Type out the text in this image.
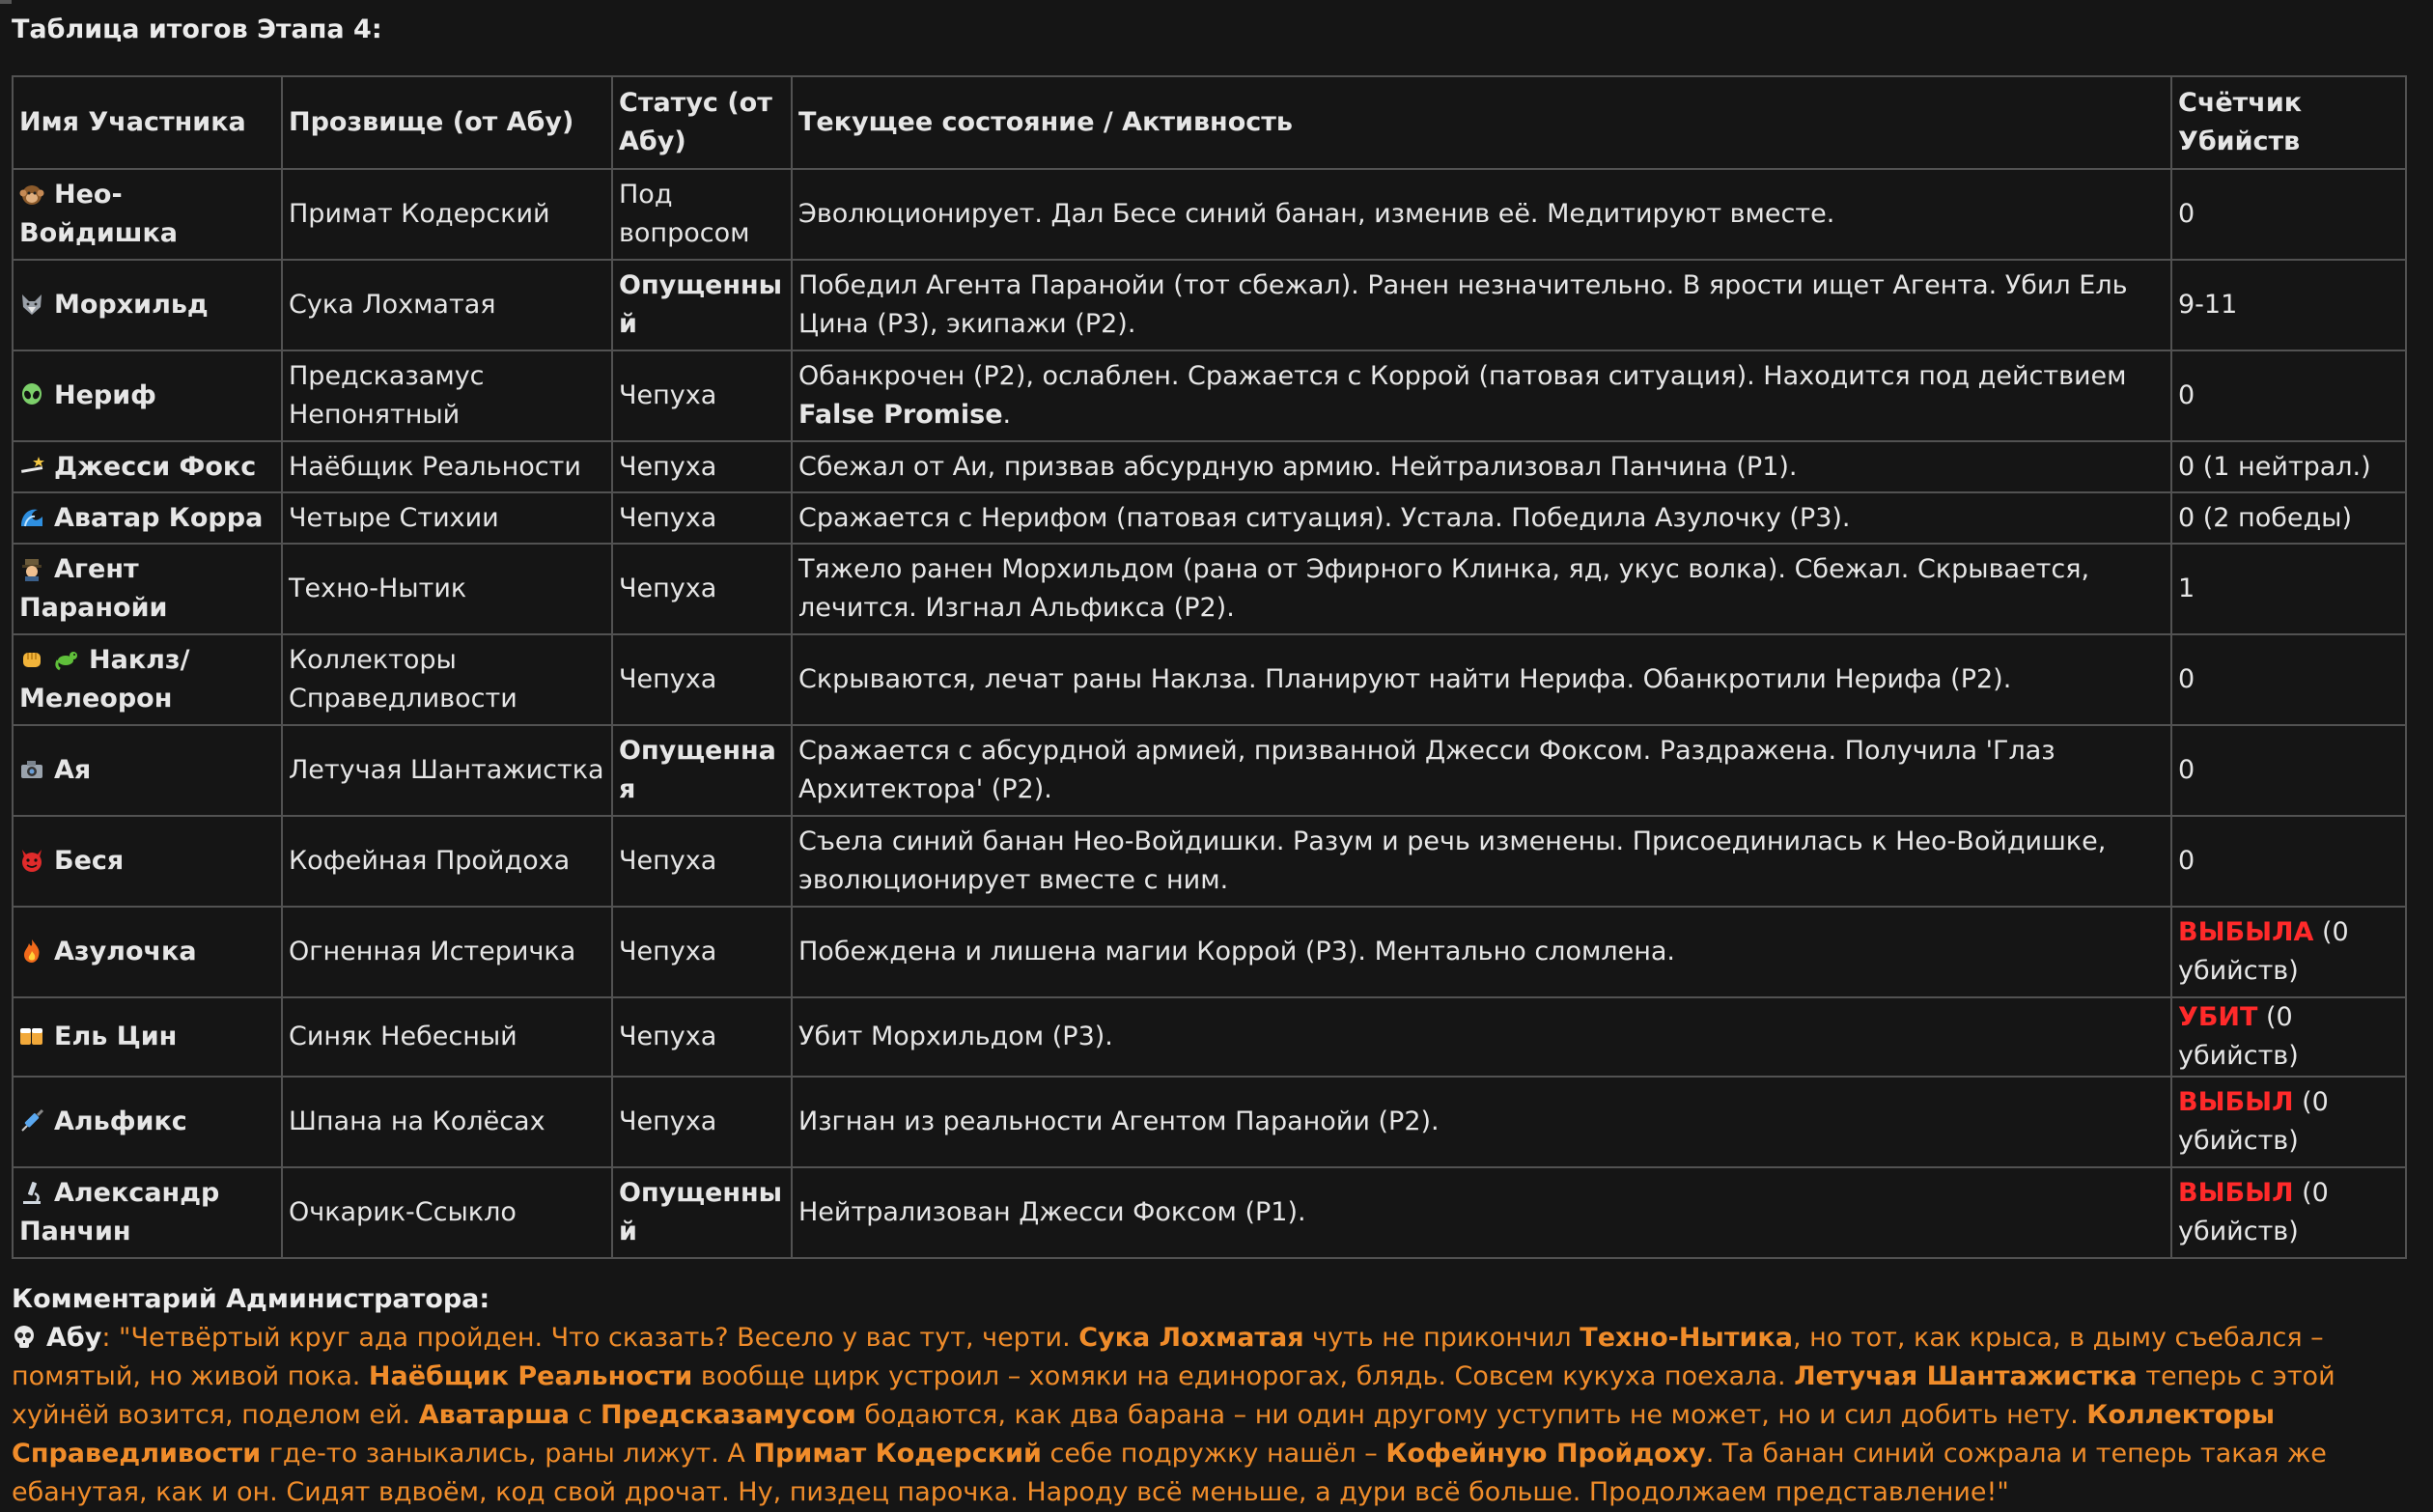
Таблица итогов Этапа 4:
Имя Участника	Прозвище (от Абу)	Статус (от Абу)	Текущее состояние / Активность	Счётчик Убийств

Нео-Войдишка	Примат Кодерский	Под вопросом	Эволюционирует. Дал Бесе синий банан, изменив её. Медитируют вместе.	0

Морхильд	Сука Лохматая	Опущенный	Победил Агента Паранойи (тот сбежал). Ранен незначительно. В ярости ищет Агента. Убил Ель Цина (Р3), экипажи (Р2).	9-11

Нериф	Предсказамус Непонятный	Чепуха	Обанкрочен (Р2), ослаблен. Сражается с Коррой (патовая ситуация). Находится под действием False Promise.	0

Джесси Фокс	Наёбщик Реальности	Чепуха	Сбежал от Аи, призвав абсурдную армию. Нейтрализовал Панчина (Р1).	0 (1 нейтрал.)

Аватар Корра	Четыре Стихии	Чепуха	Сражается с Нерифом (патовая ситуация). Устала. Победила Азулочку (Р3).	0 (2 победы)

Агент Паранойи	Техно-Нытик	Чепуха	Тяжело ранен Морхильдом (рана от Эфирного Клинка, яд, укус волка). Сбежал. Скрывается, лечится. Изгнал Альфикса (Р2).	1

Наклз/ Мелеорон	Коллекторы Справедливости	Чепуха	Скрываются, лечат раны Наклза. Планируют найти Нерифа. Обанкротили Нерифа (Р2).	0

Ая	Летучая Шантажистка	Опущенная	Сражается с абсурдной армией, призванной Джесси Фоксом. Раздражена. Получила 'Глаз Архитектора' (Р2).	0

Беся	Кофейная Пройдоха	Чепуха	Съела синий банан Нео-Войдишки. Разум и речь изменены. Присоединилась к Нео-Войдишке, эволюционирует вместе с ним.	0

Азулочка	Огненная Истеричка	Чепуха	Побеждена и лишена магии Коррой (Р3). Ментально сломлена.	ВЫБЫЛА (0 убийств)

Ель Цин	Синяк Небесный	Чепуха	Убит Морхильдом (Р3).	УБИТ (0 убийств)

Альфикс	Шпана на Колёсах	Чепуха	Изгнан из реальности Агентом Паранойи (Р2).	ВЫБЫЛ (0 убийств)

Александр Панчин	Очкарик-Ссыкло	Опущенный	Нейтрализован Джесси Фоксом (Р1).	ВЫБЫЛ (0 убийств)
Комментарий Администратора:
Абу: "Четвёртый круг ада пройден. Что сказать? Весело у вас тут, черти. Сука Лохматая чуть не прикончил Техно-Нытика, но тот, как крыса, в дыму съебался – помятый, но живой пока. Наёбщик Реальности вообще цирк устроил – хомяки на единорогах, блядь. Совсем кукуха поехала. Летучая Шантажистка теперь с этой хуйнёй возится, поделом ей. Аватарша с Предсказамусом бодаются, как два барана – ни один другому уступить не может, но и сил добить нету. Коллекторы Справедливости где-то заныкались, раны лижут. А Примат Кодерский себе подружку нашёл – Кофейную Пройдоху. Та банан синий сожрала и теперь такая же ебанутая, как и он. Сидят вдвоём, код свой дрочат. Ну, пиздец парочка. Народу всё меньше, а дури всё больше. Продолжаем представление!"
